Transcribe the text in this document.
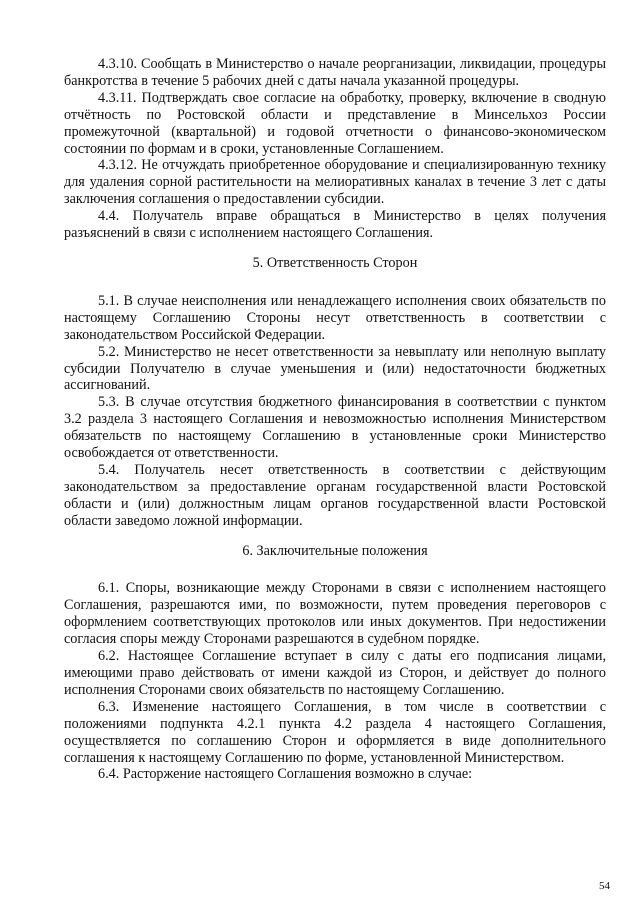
4.3.10. Сообщать в Министерство о начале реорганизации, ликвидации, процедуры банкротства в течение 5 рабочих дней с даты начала указанной процедуры.

4.3.11. Подтверждать свое согласие на обработку, проверку, включение в сводную отчётность по Ростовской области и представление в Минсельхоз России промежуточной (квартальной) и годовой отчетности о финансово-экономическом состоянии по формам и в сроки, установленные Соглашением.

4.3.12. Не отчуждать приобретенное оборудование и специализированную технику для удаления сорной растительности на мелиоративных каналах в течение 3 лет с даты заключения соглашения о предоставлении субсидии.

4.4. Получатель вправе обращаться в Министерство в целях получения разъяснений в связи с исполнением настоящего Соглашения.

5. Ответственность Сторон

5.1. В случае неисполнения или ненадлежащего исполнения своих обязательств по настоящему Соглашению Стороны несут ответственность в соответствии с законодательством Российской Федерации.

5.2. Министерство не несет ответственности за невыплату или неполную выплату субсидии Получателю в случае уменьшения и (или) недостаточности бюджетных ассигнований.

5.3. В случае отсутствия бюджетного финансирования в соответствии с пунктом 3.2 раздела 3 настоящего Соглашения и невозможностью исполнения Министерством обязательств по настоящему Соглашению в установленные сроки Министерство освобождается от ответственности.

5.4. Получатель несет ответственность в соответствии с действующим законодательством за предоставление органам государственной власти Ростовской области и (или) должностным лицам органов государственной власти Ростовской области заведомо ложной информации.

6. Заключительные положения

6.1. Споры, возникающие между Сторонами в связи с исполнением настоящего Соглашения, разрешаются ими, по возможности, путем проведения переговоров с оформлением соответствующих протоколов или иных документов. При недостижении согласия споры между Сторонами разрешаются в судебном порядке.

6.2. Настоящее Соглашение вступает в силу с даты его подписания лицами, имеющими право действовать от имени каждой из Сторон, и действует до полного исполнения Сторонами своих обязательств по настоящему Соглашению.

6.3. Изменение настоящего Соглашения, в том числе в соответствии с положениями подпункта 4.2.1 пункта 4.2 раздела 4 настоящего Соглашения, осуществляется по соглашению Сторон и оформляется в виде дополнительного соглашения к настоящему Соглашению по форме, установленной Министерством.

6.4. Расторжение настоящего Соглашения возможно в случае:

54
